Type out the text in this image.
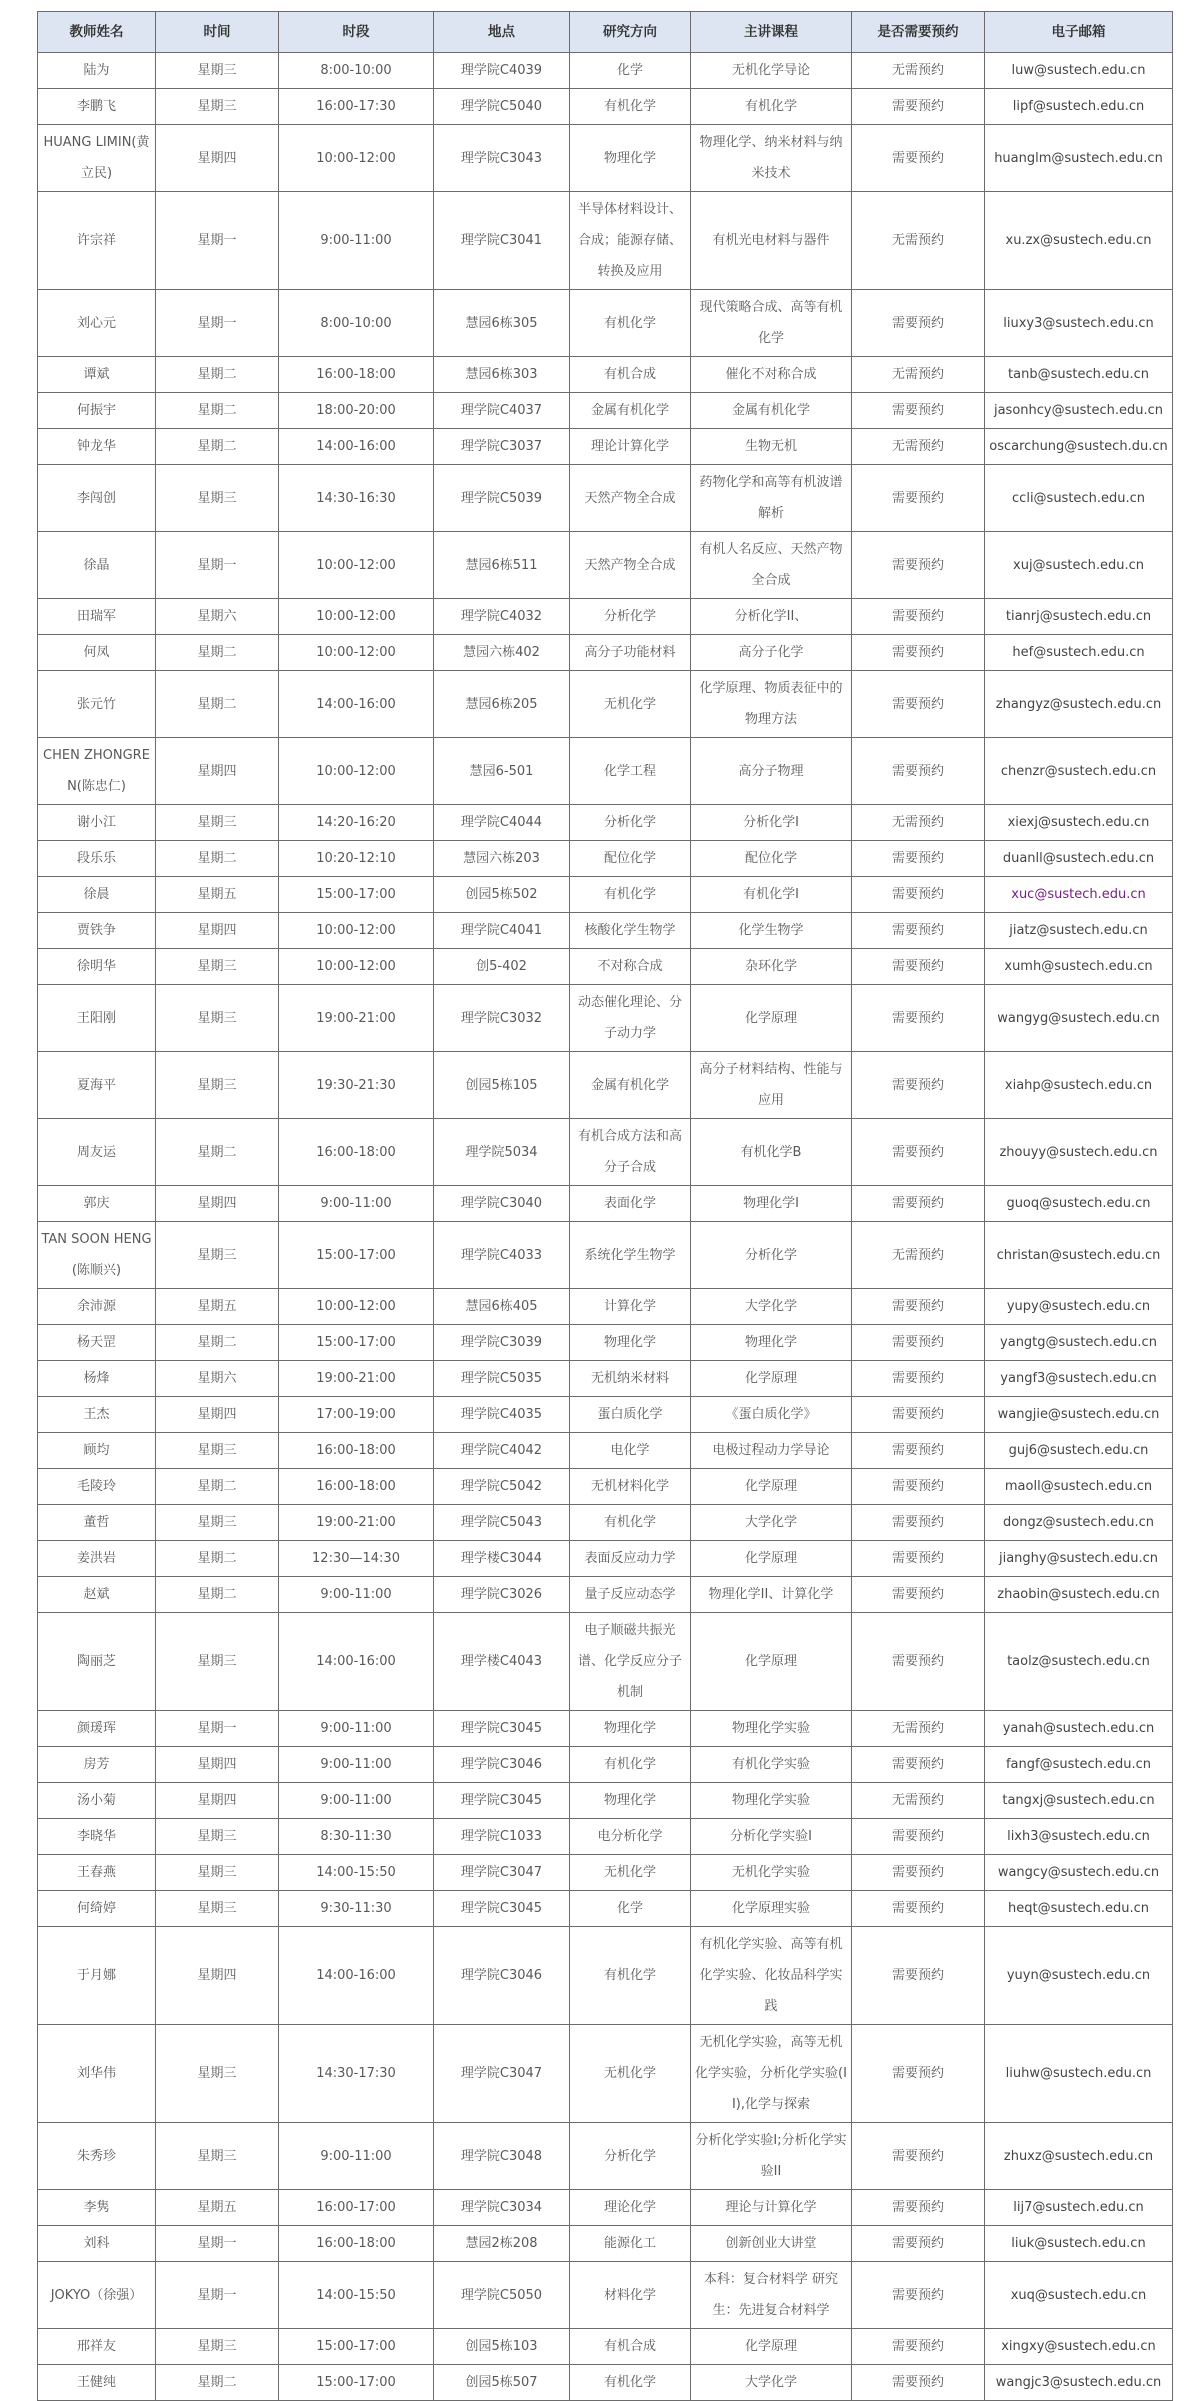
教师姓名	时间	时段	地点	研究方向	主讲课程	是否需要预约	电子邮箱
陆为	星期三	8:00-10:00	理学院C4039	化学	无机化学导论	无需预约	luw@sustech.edu.cn
李鹏飞	星期三	16:00-17:30	理学院C5040	有机化学	有机化学	需要预约	lipf@sustech.edu.cn
HUANG LIMIN(黄立民)	星期四	10:00-12:00	理学院C3043	物理化学	物理化学、纳米材料与纳米技术	需要预约	huanglm@sustech.edu.cn
许宗祥	星期一	9:00-11:00	理学院C3041	半导体材料设计、合成；能源存储、转换及应用	有机光电材料与器件	无需预约	xu.zx@sustech.edu.cn
刘心元	星期一	8:00-10:00	慧园6栋305	有机化学	现代策略合成、高等有机化学	需要预约	liuxy3@sustech.edu.cn
谭斌	星期二	16:00-18:00	慧园6栋303	有机合成	催化不对称合成	无需预约	tanb@sustech.edu.cn
何振宇	星期二	18:00-20:00	理学院C4037	金属有机化学	金属有机化学	需要预约	jasonhcy@sustech.edu.cn
钟龙华	星期二	14:00-16:00	理学院C3037	理论计算化学	生物无机	无需预约	oscarchung@sustech.du.cn
李闯创	星期三	14:30-16:30	理学院C5039	天然产物全合成	药物化学和高等有机波谱解析	需要预约	ccli@sustech.edu.cn
徐晶	星期一	10:00-12:00	慧园6栋511	天然产物全合成	有机人名反应、天然产物全合成	需要预约	xuj@sustech.edu.cn
田瑞军	星期六	10:00-12:00	理学院C4032	分析化学	分析化学II、	需要预约	tianrj@sustech.edu.cn
何凤	星期二	10:00-12:00	慧园六栋402	高分子功能材料	高分子化学	需要预约	hef@sustech.edu.cn
张元竹	星期二	14:00-16:00	慧园6栋205	无机化学	化学原理、物质表征中的物理方法	需要预约	zhangyz@sustech.edu.cn
CHEN ZHONGREN(陈忠仁)	星期四	10:00-12:00	慧园6-501	化学工程	高分子物理	需要预约	chenzr@sustech.edu.cn
谢小江	星期三	14:20-16:20	理学院C4044	分析化学	分析化学I	无需预约	xiexj@sustech.edu.cn
段乐乐	星期二	10:20-12:10	慧园六栋203	配位化学	配位化学	需要预约	duanll@sustech.edu.cn
徐晨	星期五	15:00-17:00	创园5栋502	有机化学	有机化学Ⅰ	需要预约	xuc@sustech.edu.cn
贾铁争	星期四	10:00-12:00	理学院C4041	核酸化学生物学	化学生物学	需要预约	jiatz@sustech.edu.cn
徐明华	星期三	10:00-12:00	创5-402	不对称合成	杂环化学	需要预约	xumh@sustech.edu.cn
王阳刚	星期三	19:00-21:00	理学院C3032	动态催化理论、分子动力学	化学原理	需要预约	wangyg@sustech.edu.cn
夏海平	星期三	19:30-21:30	创园5栋105	金属有机化学	高分子材料结构、性能与应用	需要预约	xiahp@sustech.edu.cn
周友运	星期二	16:00-18:00	理学院5034	有机合成方法和高分子合成	有机化学B	需要预约	zhouyy@sustech.edu.cn
郭庆	星期四	9:00-11:00	理学院C3040	表面化学	物理化学I	需要预约	guoq@sustech.edu.cn
TAN SOON HENG (陈顺兴)	星期三	15:00-17:00	理学院C4033	系统化学生物学	分析化学	无需预约	christan@sustech.edu.cn
余沛源	星期五	10:00-12:00	慧园6栋405	计算化学	大学化学	需要预约	yupy@sustech.edu.cn
杨天罡	星期二	15:00-17:00	理学院C3039	物理化学	物理化学	需要预约	yangtg@sustech.edu.cn
杨烽	星期六	19:00-21:00	理学院C5035	无机纳米材料	化学原理	需要预约	yangf3@sustech.edu.cn
王杰	星期四	17:00-19:00	理学院C4035	蛋白质化学	《蛋白质化学》	需要预约	wangjie@sustech.edu.cn
顾均	星期三	16:00-18:00	理学院C4042	电化学	电极过程动力学导论	需要预约	guj6@sustech.edu.cn
毛陵玲	星期二	16:00-18:00	理学院C5042	无机材料化学	化学原理	需要预约	maoll@sustech.edu.cn
董哲	星期三	19:00-21:00	理学院C5043	有机化学	大学化学	需要预约	dongz@sustech.edu.cn
姜洪岩	星期二	12:30—14:30	理学楼C3044	表面反应动力学	化学原理	需要预约	jianghy@sustech.edu.cn
赵斌	星期二	9:00-11:00	理学院C3026	量子反应动态学	物理化学II、计算化学	需要预约	zhaobin@sustech.edu.cn
陶丽芝	星期三	14:00-16:00	理学楼C4043	电子顺磁共振光谱、化学反应分子机制	化学原理	需要预约	taolz@sustech.edu.cn
颜瑗珲	星期一	9:00-11:00	理学院C3045	物理化学	物理化学实验	无需预约	yanah@sustech.edu.cn
房芳	星期四	9:00-11:00	理学院C3046	有机化学	有机化学实验	需要预约	fangf@sustech.edu.cn
汤小菊	星期四	9:00-11:00	理学院C3045	物理化学	物理化学实验	无需预约	tangxj@sustech.edu.cn
李晓华	星期三	8:30-11:30	理学院C1033	电分析化学	分析化学实验I	需要预约	lixh3@sustech.edu.cn
王春燕	星期三	14:00-15:50	理学院C3047	无机化学	无机化学实验	需要预约	wangcy@sustech.edu.cn
何绮婷	星期三	9:30-11:30	理学院C3045	化学	化学原理实验	需要预约	heqt@sustech.edu.cn
于月娜	星期四	14:00-16:00	理学院C3046	有机化学	有机化学实验、高等有机化学实验、化妆品科学实践	需要预约	yuyn@sustech.edu.cn
刘华伟	星期三	14:30-17:30	理学院C3047	无机化学	无机化学实验，高等无机化学实验，分析化学实验(II),化学与探索	需要预约	liuhw@sustech.edu.cn
朱秀珍	星期三	9:00-11:00	理学院C3048	分析化学	分析化学实验I;分析化学实验II	需要预约	zhuxz@sustech.edu.cn
李隽	星期五	16:00-17:00	理学院C3034	理论化学	理论与计算化学	需要预约	lij7@sustech.edu.cn
刘科	星期一	16:00-18:00	慧园2栋208	能源化工	创新创业大讲堂	需要预约	liuk@sustech.edu.cn
JOKYO（徐强）	星期一	14:00-15:50	理学院C5050	材料化学	本科：复合材料学 研究生：先进复合材料学	需要预约	xuq@sustech.edu.cn
邢祥友	星期三	15:00-17:00	创园5栋103	有机合成	化学原理	需要预约	xingxy@sustech.edu.cn
王健纯	星期二	15:00-17:00	创园5栋507	有机化学	大学化学	需要预约	wangjc3@sustech.edu.cn
